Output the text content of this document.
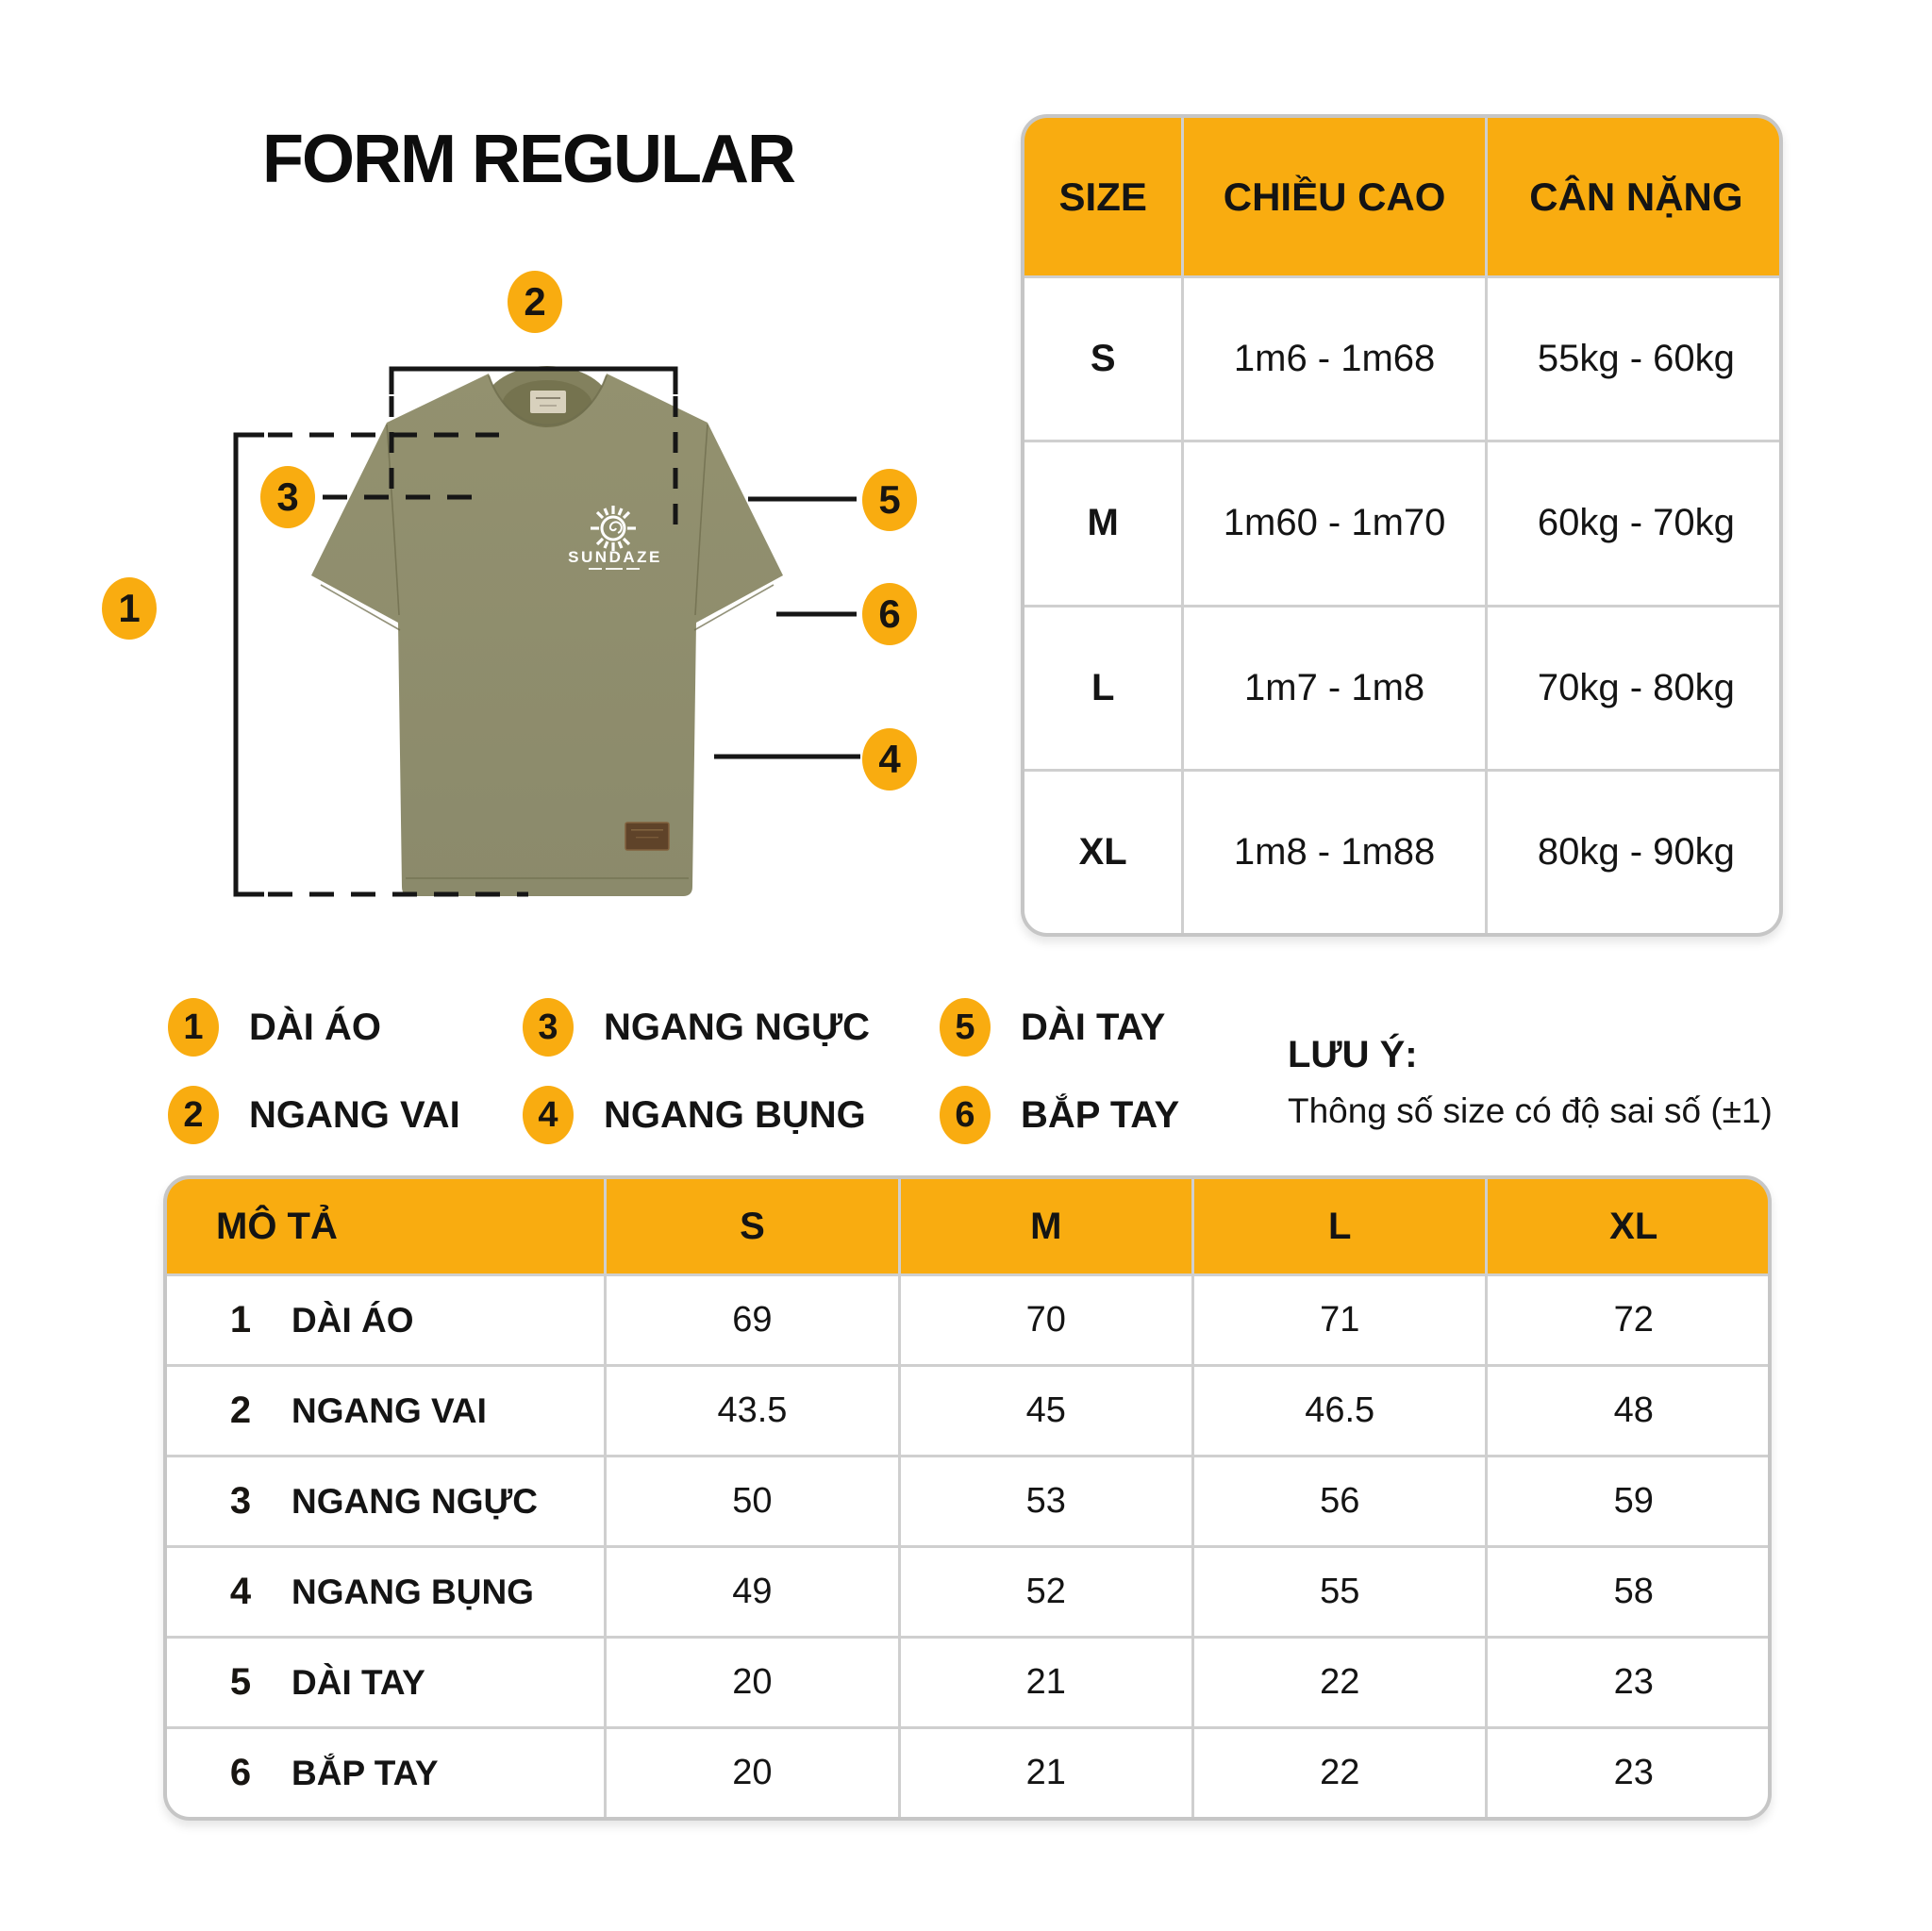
FORM REGULAR
SUNDAZE
1
2
3
4
5
6
SIZE	CHIỀU CAO	CÂN NẶNG
S	1m6 - 1m68	55kg - 60kg
M	1m60 - 1m70	60kg - 70kg
L	1m7 - 1m8	70kg - 80kg
XL	1m8 - 1m88	80kg - 90kg
1	DÀI ÁO
2	NGANG VAI
3	NGANG NGỰC
4	NGANG BỤNG
5	DÀI TAY
6	BẮP TAY
LƯU Ý:
Thông số size có độ sai số (±1)
MÔ TẢ	S	M	L	XL
1	DÀI ÁO	69	70	71	72
2	NGANG VAI	43.5	45	46.5	48
3	NGANG NGỰC	50	53	56	59
4	NGANG BỤNG	49	52	55	58
5	DÀI TAY	20	21	22	23
6	BẮP TAY	20	21	22	23
